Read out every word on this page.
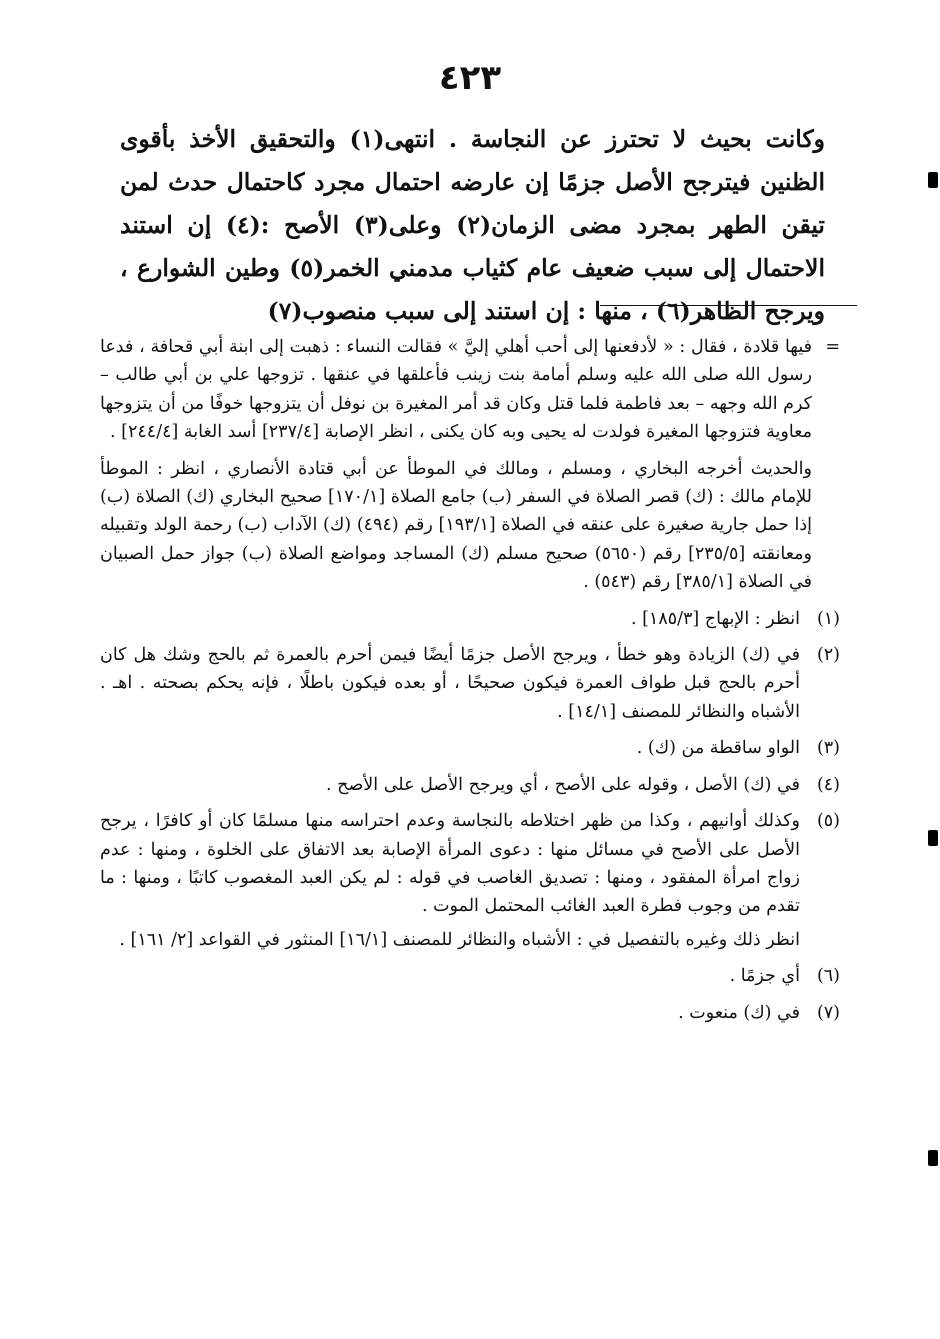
٤٢٣

وكانت بحيث لا تحترز عن النجاسة . انتهى(١) والتحقيق الأخذ بأقوى الظنين فيترجح الأصل جزمًا إن عارضه احتمال مجرد كاحتمال حدث لمن تيقن الطهر بمجرد مضى الزمان(٢) وعلى(٣) الأصح :(٤) إن استند الاحتمال إلى سبب ضعيف عام كثياب مدمني الخمر(٥) وطين الشوارع ، ويرجح الظاهر(٦) ، منها : إن استند إلى سبب منصوب(٧)

=

فيها قلادة ، فقال : « لأدفعنها إلى أحب أهلي إليَّ » فقالت النساء : ذهبت إلى ابنة أبي قحافة ، فدعا رسول الله صلى الله عليه وسلم أمامة بنت زينب فأعلقها في عنقها . تزوجها علي بن أبي طالب – كرم الله وجهه – بعد فاطمة فلما قتل وكان قد أمر المغيرة بن نوفل أن يتزوجها خوفًا من أن يتزوجها معاوية فتزوجها المغيرة فولدت له يحيى وبه كان يكنى ، انظر الإصابة [٢٣٧/٤] أسد الغابة [٢٤٤/٤] .

والحديث أخرجه البخاري ، ومسلم ، ومالك في الموطأ عن أبي قتادة الأنصاري ، انظر : الموطأ للإمام مالك : (ك) قصر الصلاة في السفر (ب) جامع الصلاة [١٧٠/١] صحيح البخاري (ك) الصلاة (ب) إذا حمل جارية صغيرة على عنقه في الصلاة [١٩٣/١] رقم (٤٩٤) (ك) الآداب (ب) رحمة الولد وتقبيله ومعانقته [٢٣٥/٥] رقم (٥٦٥٠) صحيح مسلم (ك) المساجد ومواضع الصلاة (ب) جواز حمل الصبيان في الصلاة [٣٨٥/١] رقم (٥٤٣) .

(١)
انظر : الإبهاج [١٨٥/٣] .
(٢)
في (ك) الزيادة وهو خطأ ، ويرجح الأصل جزمًا أيضًا فيمن أحرم بالعمرة ثم بالحج وشك هل كان أحرم بالحج قبل طواف العمرة فيكون صحيحًا ، أو بعده فيكون باطلًا ، فإنه يحكم بصحته . اهـ . الأشباه والنظائر للمصنف [١٤/١] .
(٣)
الواو ساقطة من (ك) .
(٤)
في (ك) الأصل ، وقوله على الأصح ، أي ويرجح الأصل على الأصح .
(٥)
وكذلك أوانيهم ، وكذا من ظهر اختلاطه بالنجاسة وعدم احتراسه منها مسلمًا كان أو كافرًا ، يرجح الأصل على الأصح في مسائل منها : دعوى المرأة الإصابة بعد الاتفاق على الخلوة ، ومنها : عدم زواج امرأة المفقود ، ومنها : تصديق الغاصب في قوله : لم يكن العبد المغصوب كاتبًا ، ومنها : ما تقدم من وجوب فطرة العبد الغائب المحتمل الموت .

انظر ذلك وغيره بالتفصيل في : الأشباه والنظائر للمصنف [١٦/١] المنثور في القواعد [٢/ ١٦١] .

(٦)
أي جزمًا .
(٧)
في (ك) منعوت .
